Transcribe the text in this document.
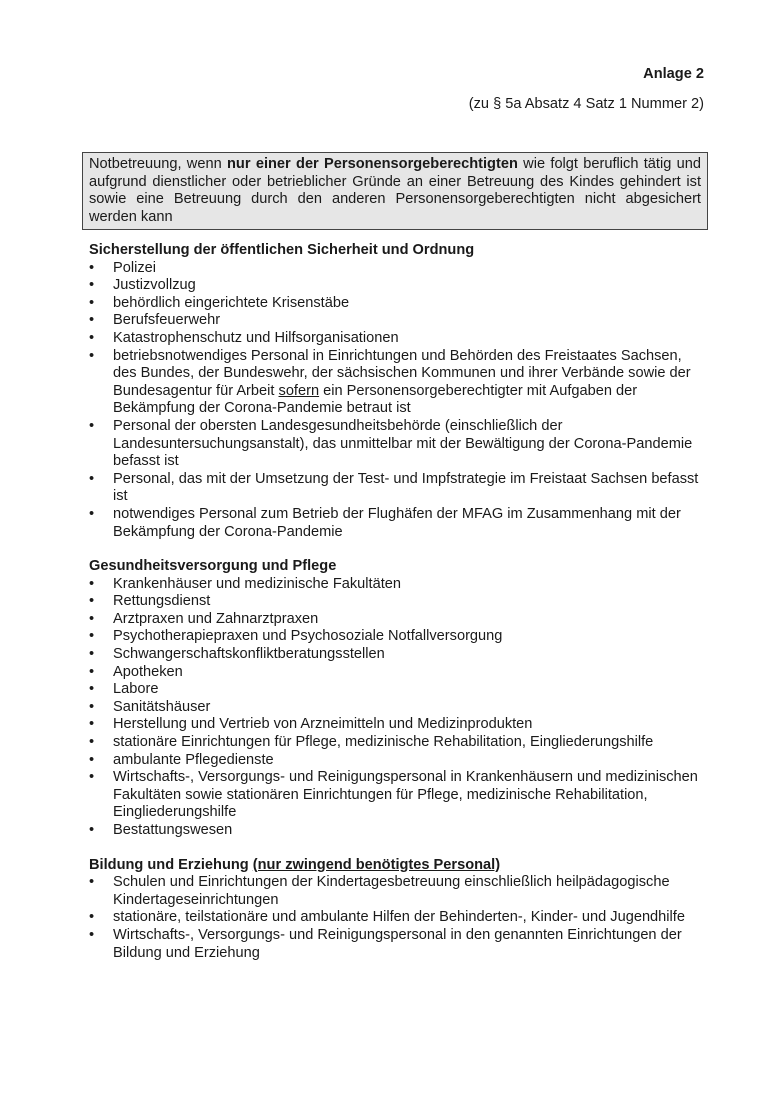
Anlage 2
(zu § 5a Absatz 4 Satz 1 Nummer 2)
Notbetreuung, wenn nur einer der Personensorgeberechtigten wie folgt beruflich tätig und aufgrund dienstlicher oder betrieblicher Gründe an einer Betreuung des Kindes gehindert ist sowie eine Betreuung durch den anderen Personensorgeberechtigten nicht abgesichert werden kann
Sicherstellung der öffentlichen Sicherheit und Ordnung
• Polizei
• Justizvollzug
• behördlich eingerichtete Krisenstäbe
• Berufsfeuerwehr
• Katastrophenschutz und Hilfsorganisationen
• betriebsnotwendiges Personal in Einrichtungen und Behörden des Freistaates Sachsen, des Bundes, der Bundeswehr, der sächsischen Kommunen und ihrer Verbände sowie der Bundesagentur für Arbeit sofern ein Personensorgeberechtigter mit Aufgaben der Bekämpfung der Corona-Pandemie betraut ist
• Personal der obersten Landesgesundheitsbehörde (einschließlich der Landesuntersuchungsanstalt), das unmittelbar mit der Bewältigung der Corona-Pandemie befasst ist
• Personal, das mit der Umsetzung der Test- und Impfstrategie im Freistaat Sachsen befasst ist
• notwendiges Personal zum Betrieb der Flughäfen der MFAG im Zusammenhang mit der Bekämpfung der Corona-Pandemie
Gesundheitsversorgung und Pflege
• Krankenhäuser und medizinische Fakultäten
• Rettungsdienst
• Arztpraxen und Zahnarztpraxen
• Psychotherapiepraxen und Psychosoziale Notfallversorgung
• Schwangerschaftskonfliktberatungsstellen
• Apotheken
• Labore
• Sanitätshäuser
• Herstellung und Vertrieb von Arzneimitteln und Medizinprodukten
• stationäre Einrichtungen für Pflege, medizinische Rehabilitation, Eingliederungshilfe
• ambulante Pflegedienste
• Wirtschafts-, Versorgungs- und Reinigungspersonal in Krankenhäusern und medizinischen Fakultäten sowie stationären Einrichtungen für Pflege, medizinische Rehabilitation, Eingliederungshilfe
• Bestattungswesen
Bildung und Erziehung (nur zwingend benötigtes Personal)
• Schulen und Einrichtungen der Kindertagesbetreuung einschließlich heilpädagogische Kindertageseinrichtungen
• stationäre, teilstationäre und ambulante Hilfen der Behinderten-, Kinder- und Jugendhilfe
• Wirtschafts-, Versorgungs- und Reinigungspersonal in den genannten Einrichtungen der Bildung und Erziehung
